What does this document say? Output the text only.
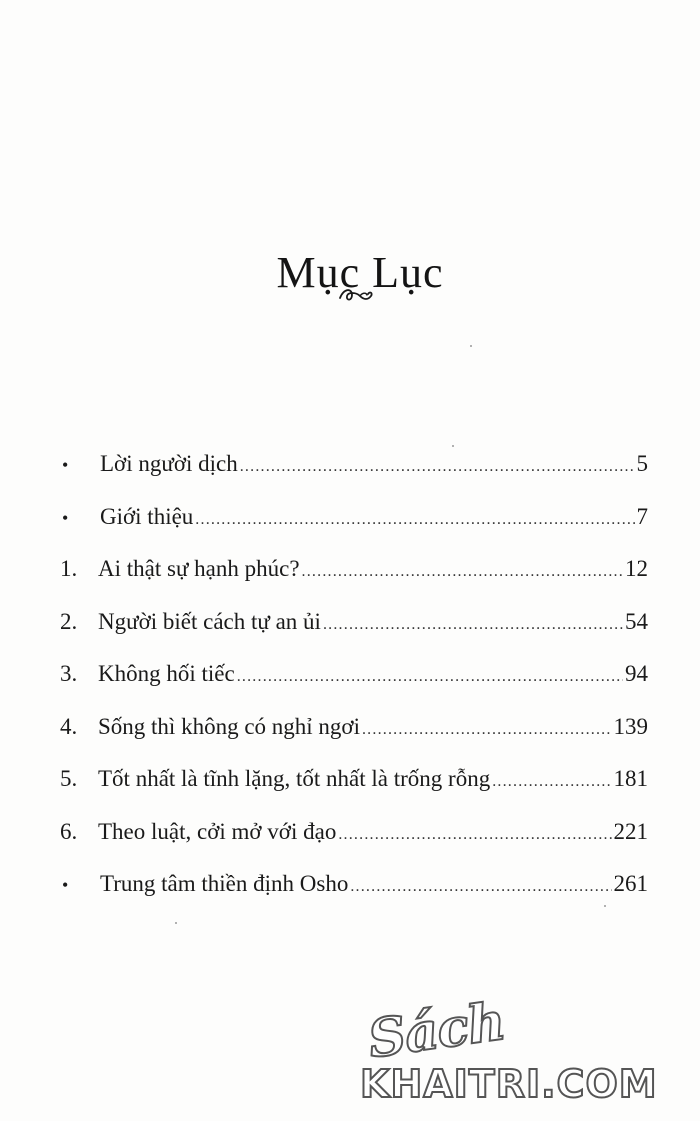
Mục Lục
•	Lời người dịch .....	5
•	Giới thiệu .....	7
1. Ai thật sự hạnh phúc? .....	12
2. Người biết cách tự an ủi .....	54
3. Không hối tiếc .....	94
4. Sống thì không có nghỉ ngơi .....	139
5. Tốt nhất là tĩnh lặng, tốt nhất là trống rỗng .....	181
6. Theo luật, cởi mở với đạo .....	221
•	Trung tâm thiền định Osho .....	261
Sách
KHAITRI.COM
